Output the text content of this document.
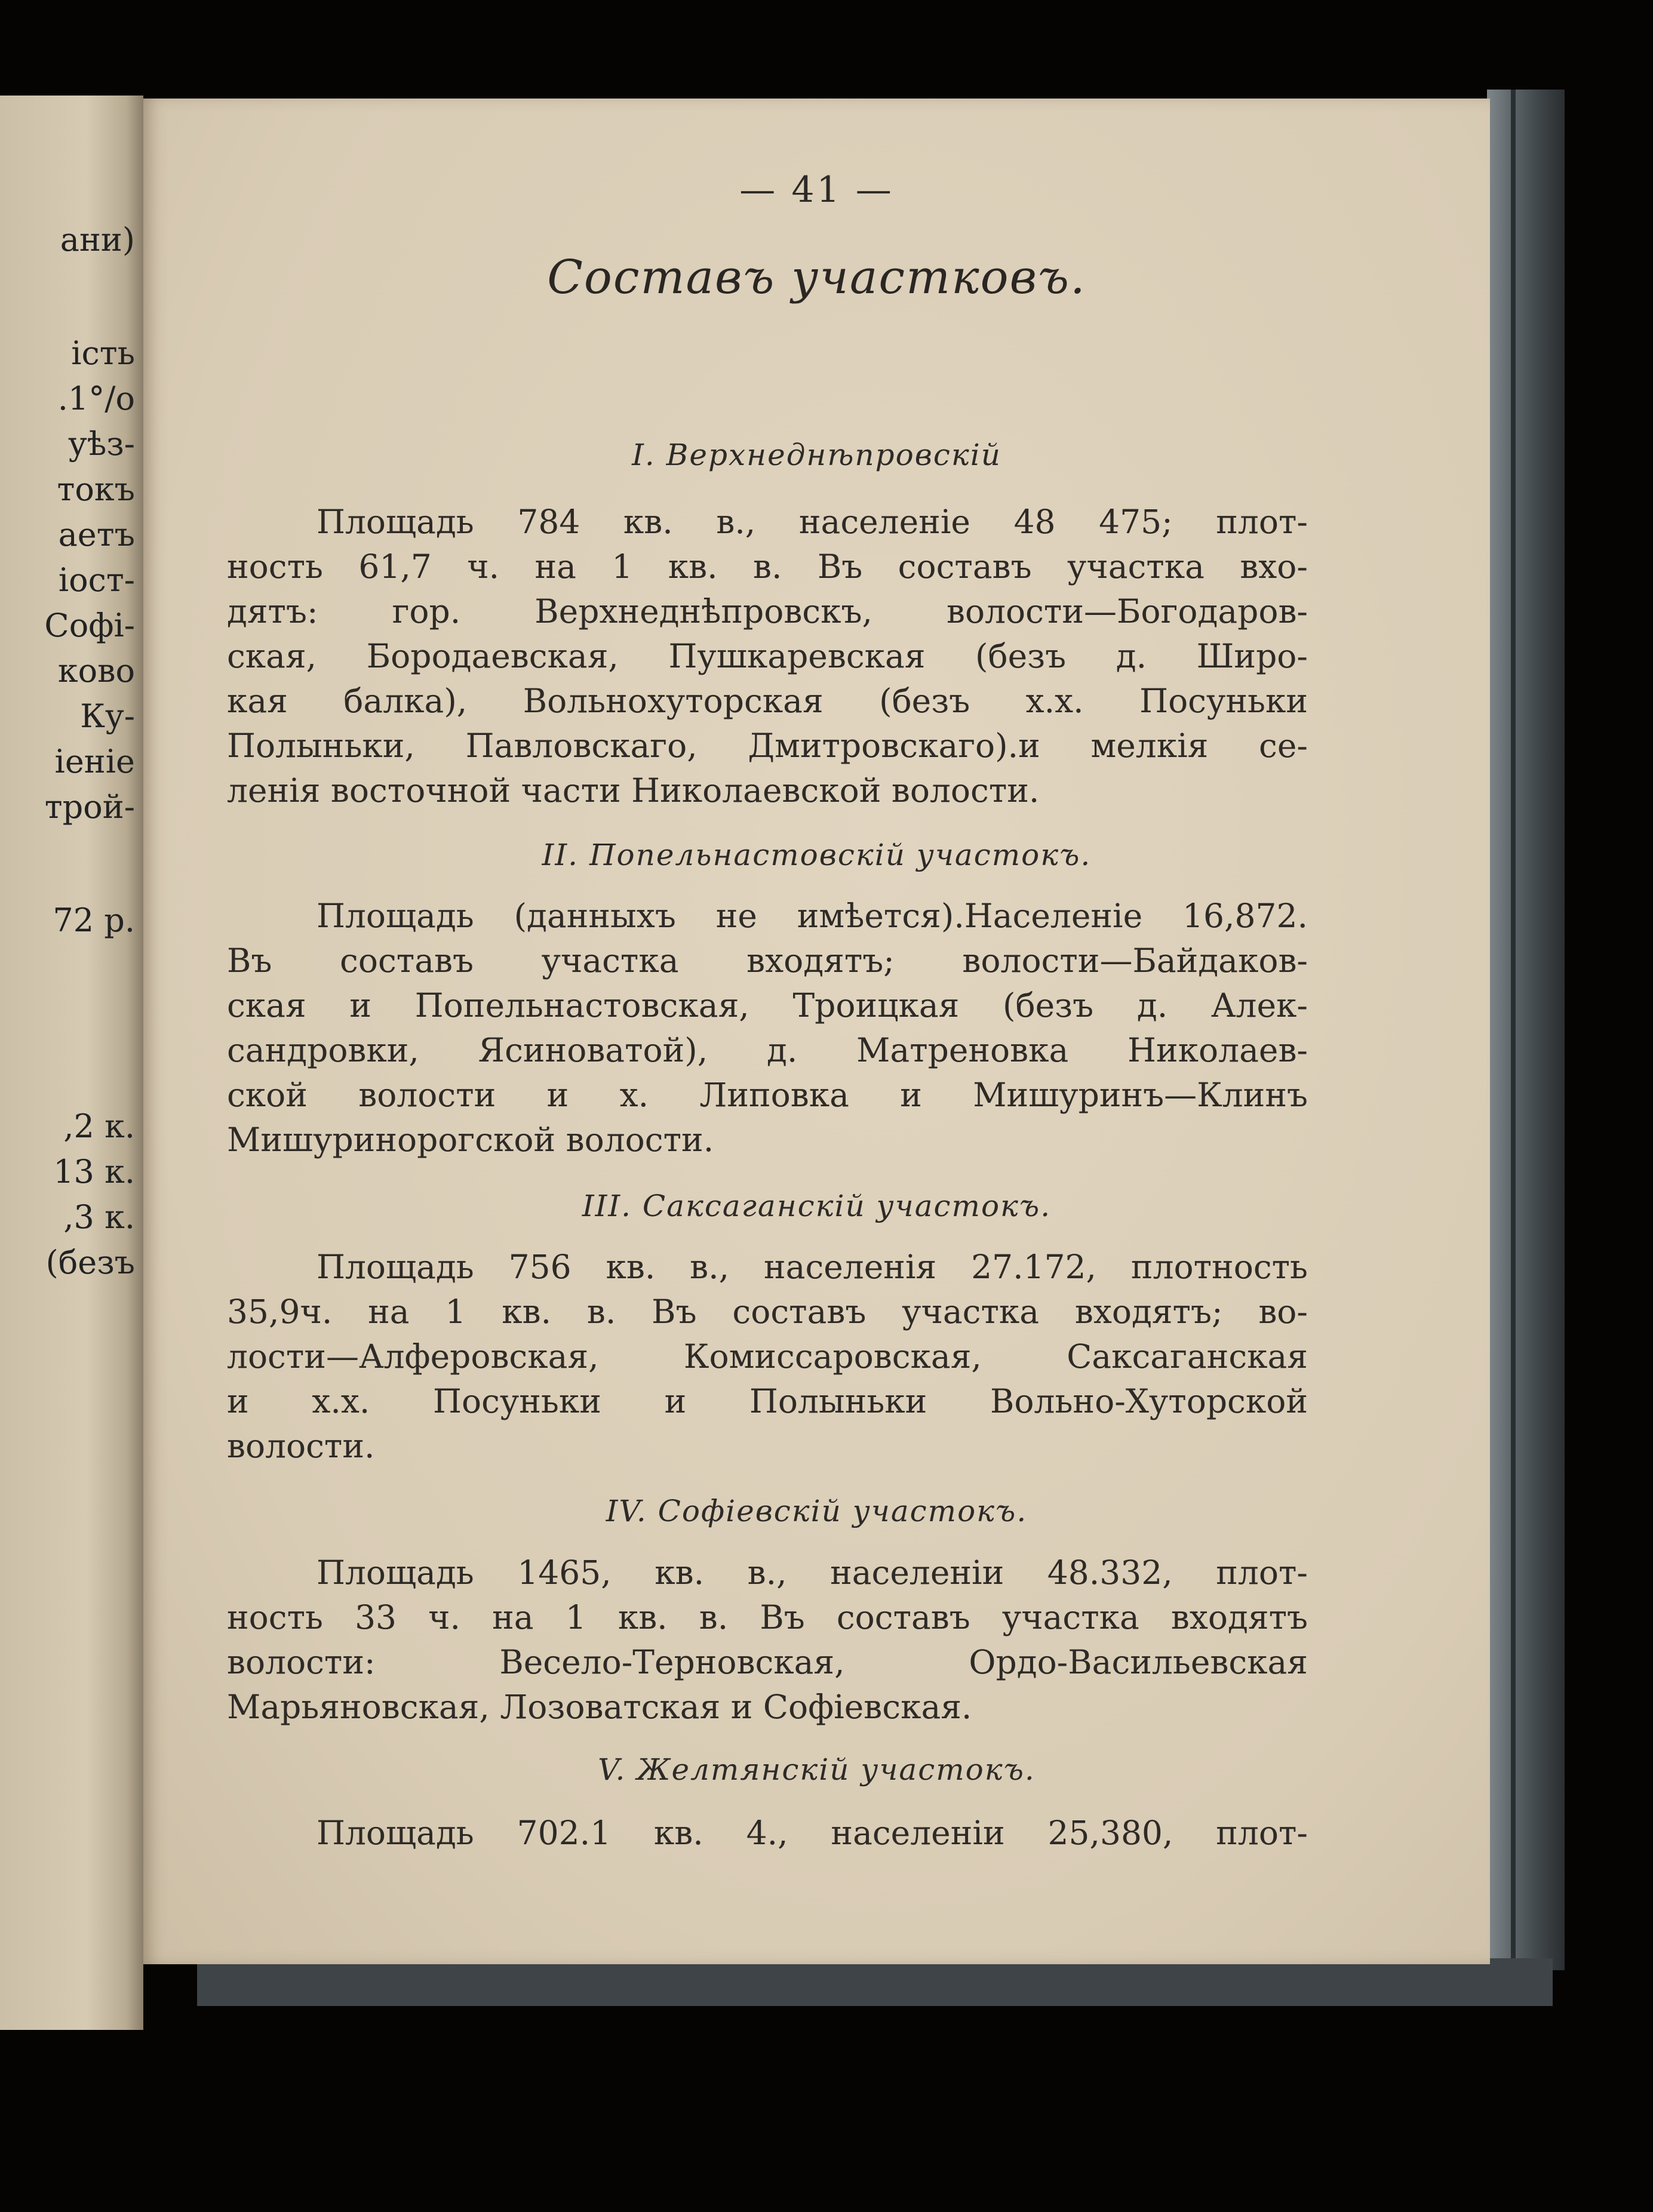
ани)
ість
.1°/о
уѣз-
токъ
аетъ
іост-
Софі-
ково
Ку-
іеніе
трой-
72 р.
,2 к.
13 к.
,3 к.
(безъ
— 41 —
Составъ участковъ.
I. Верхнеднѣпровскій
Площадь 784 кв. в., населеніе 48 475; плот-
ность 61,7 ч. на 1 кв. в. Въ составъ участка вхо-
дятъ: гор. Верхнеднѣпровскъ, волости—Богодаров-
ская, Бородаевская, Пушкаревская (безъ д. Широ-
кая балка), Вольнохуторская (безъ х.х. Посуньки
Полыньки, Павловскаго, Дмитровскаго).и мелкія се-
ленія восточной части Николаевской волости.
II. Попельнастовскій участокъ.
Площадь (данныхъ не имѣется).Населеніе 16,872.
Въ составъ участка входятъ; волости—Байдаков-
ская и Попельнастовская, Троицкая (безъ д. Алек-
сандровки, Ясиноватой), д. Матреновка Николаев-
ской волости и х. Липовка и Мишуринъ—Клинъ
Мишуринорогской волости.
III. Саксаганскій участокъ.
Площадь 756 кв. в., населенія 27.172, плотность
35,9ч. на 1 кв. в. Въ составъ участка входятъ; во-
лости—Алферовская, Комиссаровская, Саксаганская
и х.х. Посуньки и Полыньки Вольно-Хуторской
волости.
IV. Софіевскій участокъ.
Площадь 1465, кв. в., населеніи 48.332, плот-
ность 33 ч. на 1 кв. в. Въ составъ участка входятъ
волости: Весело-Терновская, Ордо-Васильевская
Марьяновская, Лозоватская и Софіевская.
V. Желтянскій участокъ.
Площадь 702.1 кв. 4., населеніи 25,380, плот-
